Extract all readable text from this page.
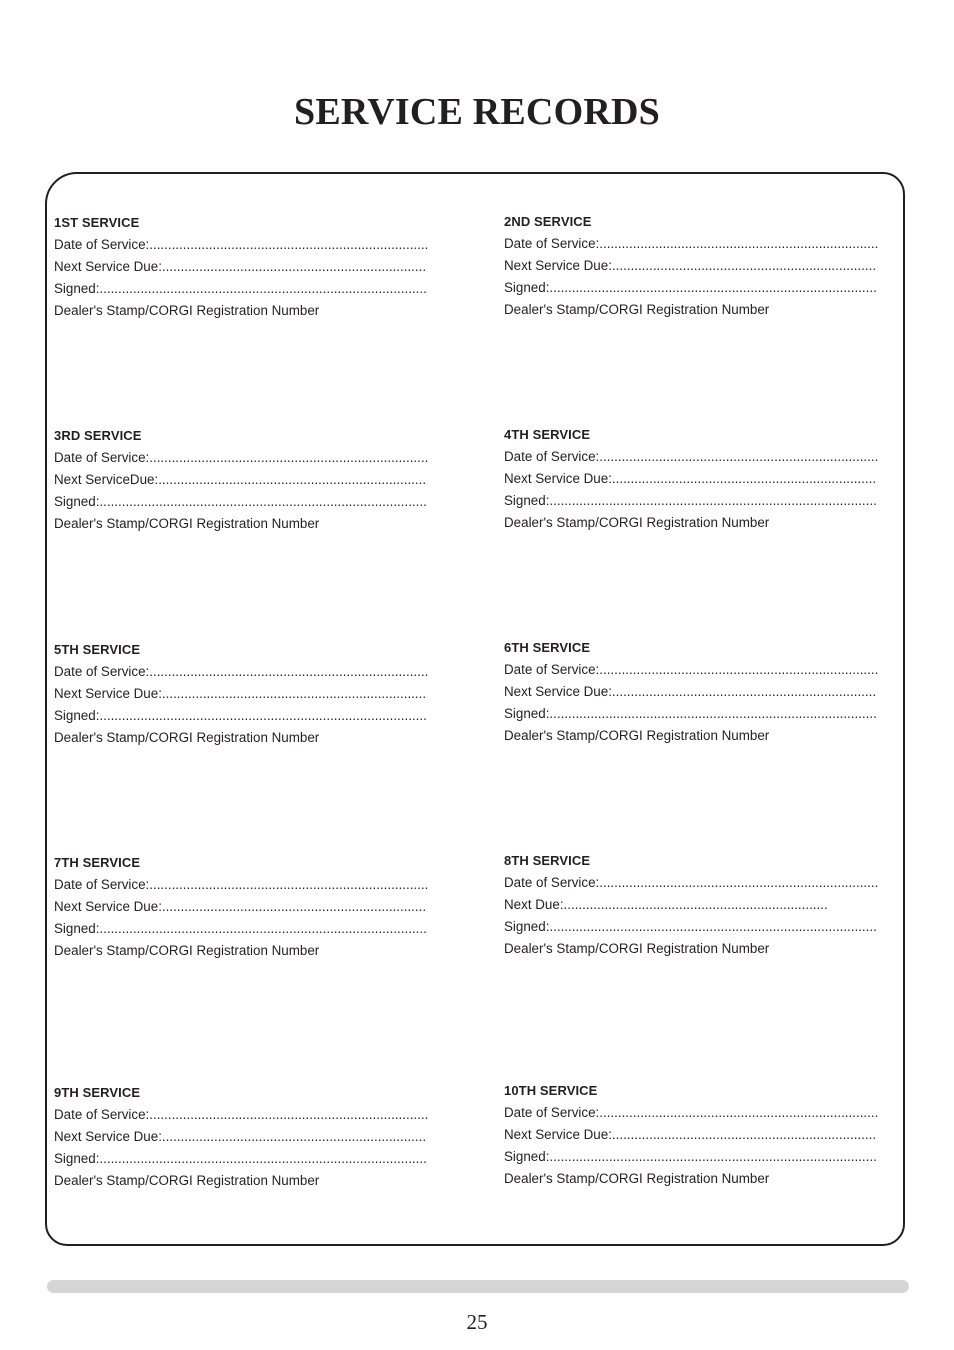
SERVICE RECORDS
1ST SERVICE
Date of Service:...........................................................................
Next Service Due:.......................................................................
Signed:........................................................................................
Dealer's Stamp/CORGI Registration Number
3RD SERVICE
Date of Service:...........................................................................
Next ServiceDue:........................................................................
Signed:........................................................................................
Dealer's Stamp/CORGI Registration Number
5TH SERVICE
Date of Service:...........................................................................
Next Service Due:.......................................................................
Signed:........................................................................................
Dealer's Stamp/CORGI Registration Number
7TH SERVICE
Date of Service:...........................................................................
Next Service Due:.......................................................................
Signed:........................................................................................
Dealer's Stamp/CORGI Registration Number
9TH SERVICE
Date of Service:...........................................................................
Next Service Due:.......................................................................
Signed:........................................................................................
Dealer's Stamp/CORGI Registration Number
2ND SERVICE
Date of Service:...........................................................................
Next Service Due:.......................................................................
Signed:........................................................................................
Dealer's Stamp/CORGI Registration Number
4TH SERVICE
Date of Service:...........................................................................
Next Service Due:.......................................................................
Signed:........................................................................................
Dealer's Stamp/CORGI Registration Number
6TH SERVICE
Date of Service:...........................................................................
Next Service Due:.......................................................................
Signed:........................................................................................
Dealer's Stamp/CORGI Registration Number
8TH SERVICE
Date of Service:...........................................................................
Next Due:.......................................................................
Signed:........................................................................................
Dealer's Stamp/CORGI Registration Number
10TH SERVICE
Date of Service:...........................................................................
Next Service Due:.......................................................................
Signed:........................................................................................
Dealer's Stamp/CORGI Registration Number
25
